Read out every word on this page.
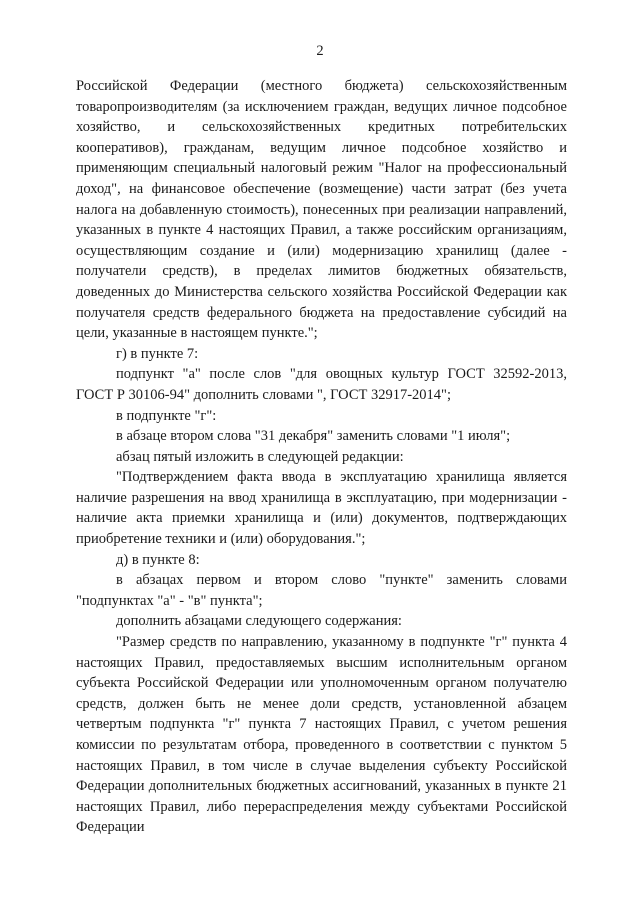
2

Российской Федерации (местного бюджета) сельскохозяйственным товаропроизводителям (за исключением граждан, ведущих личное подсобное хозяйство, и сельскохозяйственных кредитных потребительских кооперативов), гражданам, ведущим личное подсобное хозяйство и применяющим специальный налоговый режим "Налог на профессиональный доход", на финансовое обеспечение (возмещение) части затрат (без учета налога на добавленную стоимость), понесенных при реализации направлений, указанных в пункте 4 настоящих Правил, а также российским организациям, осуществляющим создание и (или) модернизацию хранилищ (далее - получатели средств), в пределах лимитов бюджетных обязательств, доведенных до Министерства сельского хозяйства Российской Федерации как получателя средств федерального бюджета на предоставление субсидий на цели, указанные в настоящем пункте.";

г) в пункте 7:

подпункт "а" после слов "для овощных культур ГОСТ 32592-2013, ГОСТ Р 30106-94" дополнить словами ", ГОСТ 32917-2014";

в подпункте "г":

в абзаце втором слова "31 декабря" заменить словами "1 июля";

абзац пятый изложить в следующей редакции:

"Подтверждением факта ввода в эксплуатацию хранилища является наличие разрешения на ввод хранилища в эксплуатацию, при модернизации - наличие акта приемки хранилища и (или) документов, подтверждающих приобретение техники и (или) оборудования.";

д) в пункте 8:

в абзацах первом и втором слово "пункте" заменить словами "подпунктах "а" - "в" пункта";

дополнить абзацами следующего содержания:

"Размер средств по направлению, указанному в подпункте "г" пункта 4 настоящих Правил, предоставляемых высшим исполнительным органом субъекта Российской Федерации или уполномоченным органом получателю средств, должен быть не менее доли средств, установленной абзацем четвертым подпункта "г" пункта 7 настоящих Правил, с учетом решения комиссии по результатам отбора, проведенного в соответствии с пунктом 5 настоящих Правил, в том числе в случае выделения субъекту Российской Федерации дополнительных бюджетных ассигнований, указанных в пункте 21 настоящих Правил, либо перераспределения между субъектами Российской Федерации
